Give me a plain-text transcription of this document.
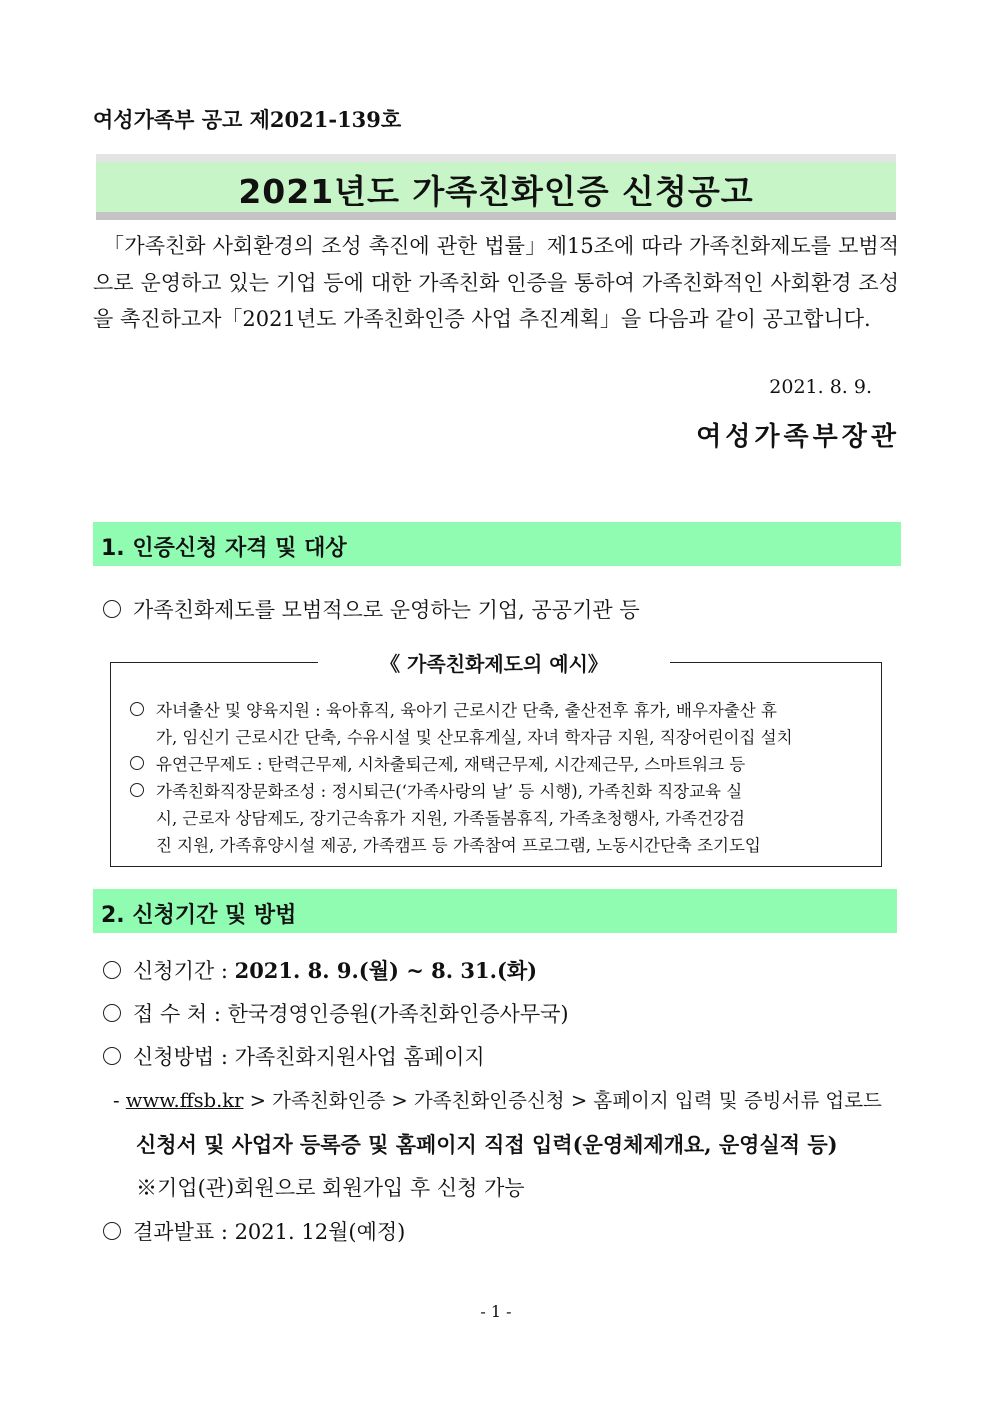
여성가족부 공고 제2021-139호
2021년도 가족친화인증 신청공고

「가족친화 사회환경의 조성 촉진에 관한 법률」제15조에 따라 가족친화제도를 모범적으로 운영하고 있는 기업 등에 대한 가족친화 인증을 통하여 가족친화적인 사회환경 조성을 촉진하고자「2021년도 가족친화인증 사업 추진계획」을 다음과 같이 공고합니다.

2021. 8. 9.
여성가족부장관
1. 인증신청 자격 및 대상
가족친화제도를 모범적으로 운영하는 기업, 공공기관 등
《 가족친화제도의 예시》
자녀출산 및 양육지원 : 육아휴직, 육아기 근로시간 단축, 출산전후 휴가, 배우자출산 휴
가, 임신기 근로시간 단축, 수유시설 및 산모휴게실, 자녀 학자금 지원, 직장어린이집 설치
유연근무제도 : 탄력근무제, 시차출퇴근제, 재택근무제, 시간제근무, 스마트워크 등
가족친화직장문화조성 : 정시퇴근(‘가족사랑의 날’ 등 시행), 가족친화 직장교육 실
시, 근로자 상담제도, 장기근속휴가 지원, 가족돌봄휴직, 가족초청행사, 가족건강검
진 지원, 가족휴양시설 제공, 가족캠프 등 가족참여 프로그램, 노동시간단축 조기도입
2. 신청기간 및 방법
신청기간 : 2021. 8. 9.(월) ~ 8. 31.(화)
접 수 처 : 한국경영인증원(가족친화인증사무국)
신청방법 : 가족친화지원사업 홈페이지
- www.ffsb.kr > 가족친화인증 > 가족친화인증신청 > 홈페이지 입력 및 증빙서류 업로드
신청서 및 사업자 등록증 및 홈페이지 직접 입력(운영체제개요, 운영실적 등)
※기업(관)회원으로 회원가입 후 신청 가능
결과발표 : 2021. 12월(예정)
- 1 -
